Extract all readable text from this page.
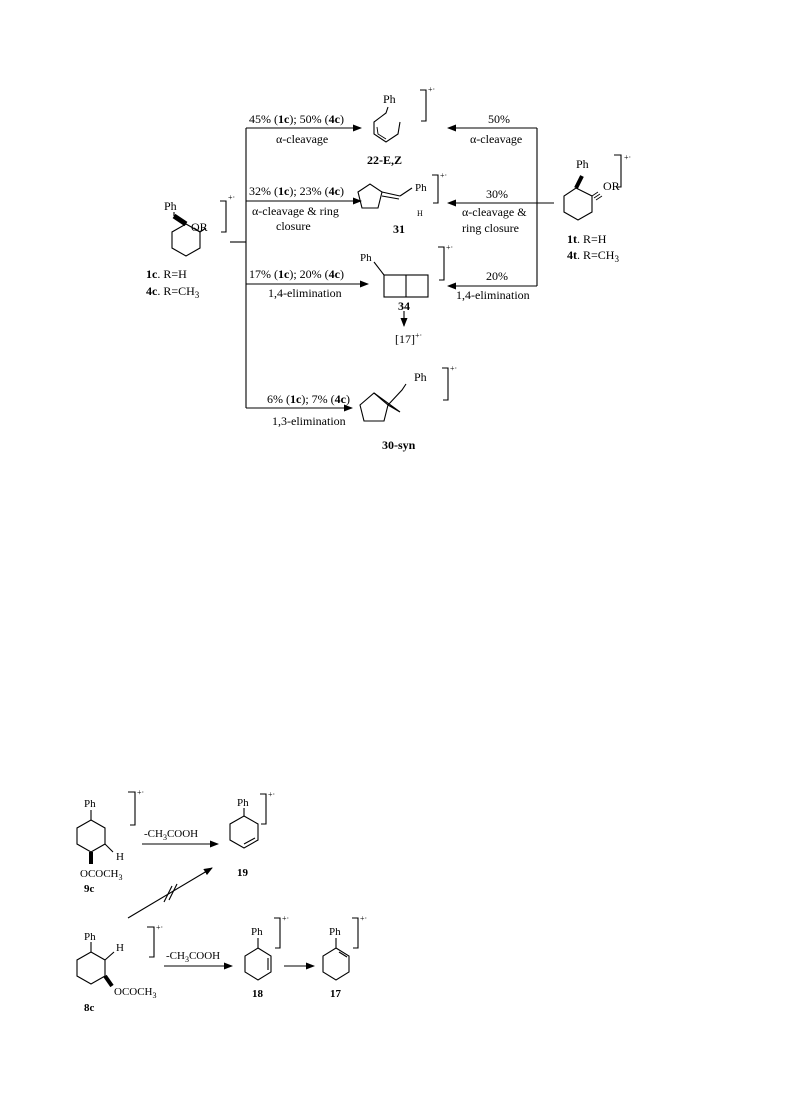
Ph
OR
+·
1c. R=H
4c. $R=CH_3$
Ph
OR
+·
1t. R=H
4t. $R=CH_3$
Ph
+·
22-E,Z
Ph
H
+·
31
Ph
+·
34
[17]+·
Ph
+·
30-syn
45% (1c); 50% (4c)
α-cleavage
32% (1c); 23% (4c)
α-cleavage & ring
closure
17% (1c); 20% (4c)
1,4-elimination
6% (1c); 7% (4c)
1,3-elimination
50%
α-cleavage
30%
α-cleavage &
ring closure
20%
1,4-elimination
Ph
H
$OCOCH_3$
+·
9c
Ph
+·
19
$-CH_3COOH$
Ph
H
$OCOCH_3$
+·
8c
$-CH_3COOH$
Ph
+·
18
Ph
+·
17
